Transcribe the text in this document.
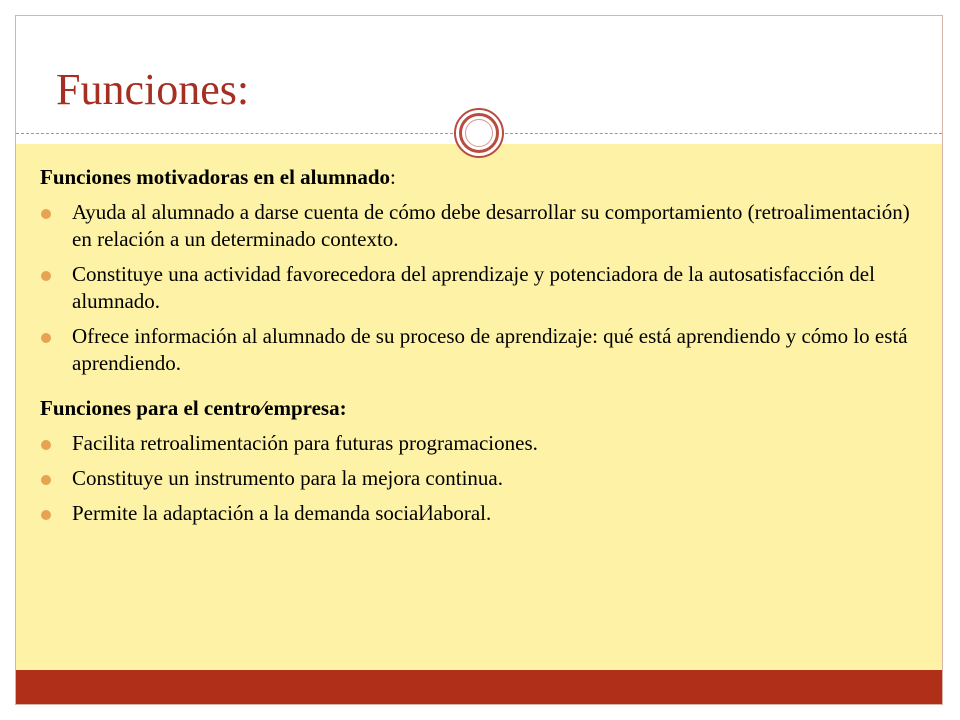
Funciones:

Funciones motivadoras en el alumnado:

Ayuda al alumnado a darse cuenta de cómo debe desarrollar su comportamiento (retroalimentación) en relación a un determinado contexto.
Constituye una actividad favorecedora del aprendizaje y potenciadora de la autosatisfacción del alumnado.
Ofrece información al alumnado de su proceso de aprendizaje: qué está aprendiendo y cómo lo está aprendiendo.

Funciones para el centro⁄empresa:

Facilita retroalimentación para futuras programaciones.
Constituye un instrumento para la mejora continua.
Permite la adaptación a la demanda social⁄laboral.
